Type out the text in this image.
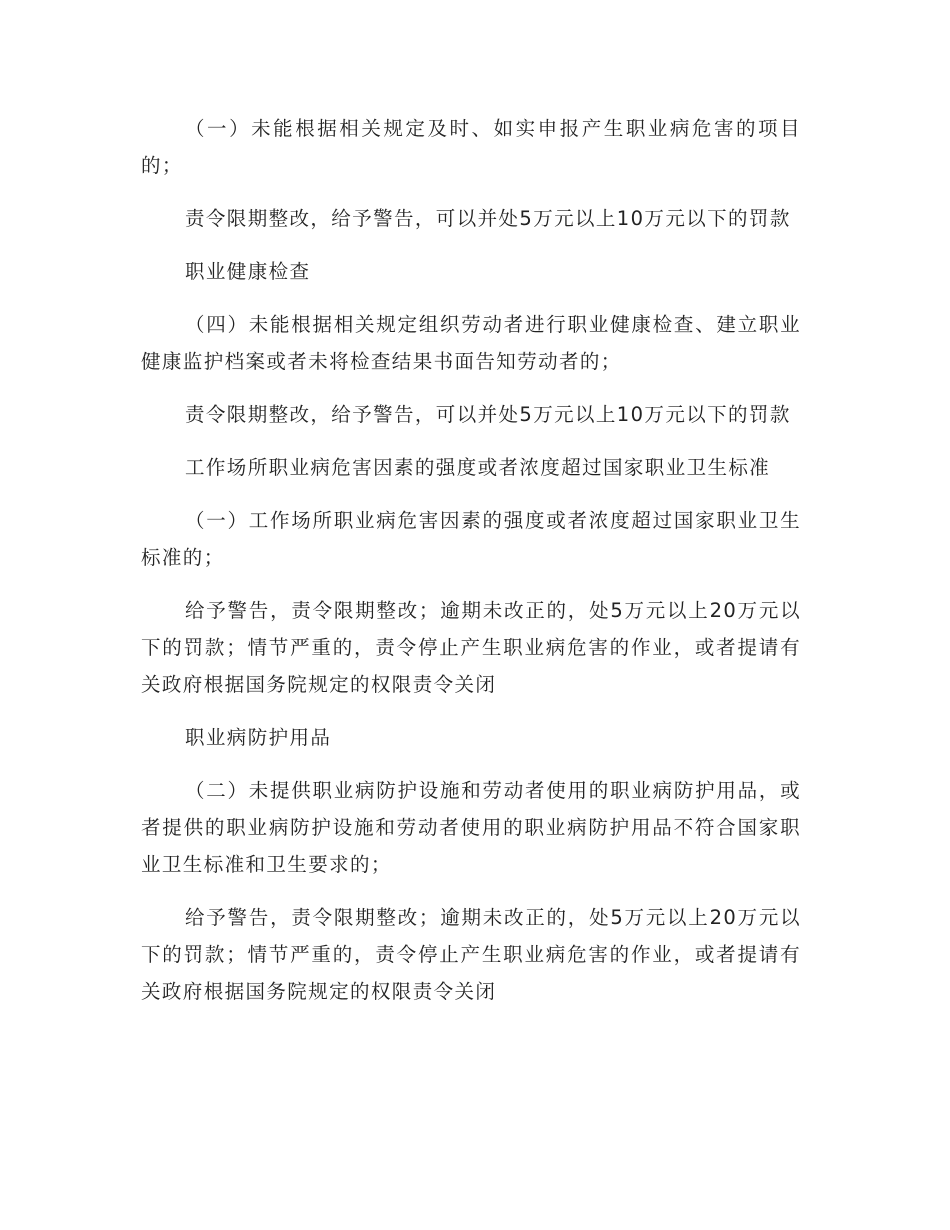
（一）未能根据相关规定及时、如实申报产生职业病危害的项目的；

责令限期整改，给予警告，可以并处5万元以上10万元以下的罚款

职业健康检查

（四）未能根据相关规定组织劳动者进行职业健康检查、建立职业健康监护档案或者未将检查结果书面告知劳动者的；

责令限期整改，给予警告，可以并处5万元以上10万元以下的罚款

工作场所职业病危害因素的强度或者浓度超过国家职业卫生标准

（一）工作场所职业病危害因素的强度或者浓度超过国家职业卫生标准的；

给予警告，责令限期整改；逾期未改正的，处5万元以上20万元以下的罚款；情节严重的，责令停止产生职业病危害的作业，或者提请有关政府根据国务院规定的权限责令关闭

职业病防护用品

（二）未提供职业病防护设施和劳动者使用的职业病防护用品，或者提供的职业病防护设施和劳动者使用的职业病防护用品不符合国家职业卫生标准和卫生要求的；

给予警告，责令限期整改；逾期未改正的，处5万元以上20万元以下的罚款；情节严重的，责令停止产生职业病危害的作业，或者提请有关政府根据国务院规定的权限责令关闭
